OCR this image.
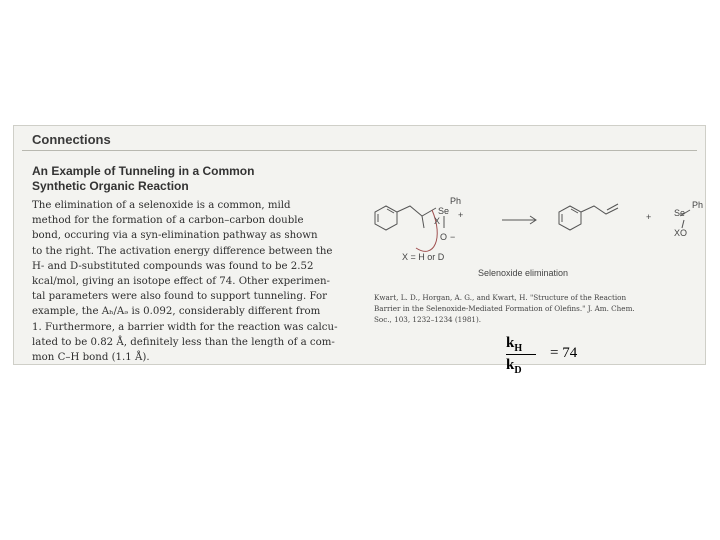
Connections
An Example of Tunneling in a Common
Synthetic Organic Reaction
The elimination of a selenoxide is a common, mild
method for the formation of a carbon–carbon double
bond, occuring via a syn-elimination pathway as shown
to the right. The activation energy difference between the
H- and D-substituted compounds was found to be 2.52
kcal/mol, giving an isotope effect of 74. Other experimen-
tal parameters were also found to support tunneling. For
example, the Aₕ/Aₔ is 0.092, considerably different from
1. Furthermore, a barrier width for the reaction was calcu-
lated to be 0.82 Å, definitely less than the length of a com-
mon C–H bond (1.1 Å).
X
Se
Ph
+
O −
X = H or D
+	Se
Ph
XO
Selenoxide elimination
Kwart, L. D., Horgan, A. G., and Kwart, H. "Structure of the Reaction
Barrier in the Selenoxide-Mediated Formation of Olefins." J. Am. Chem.
Soc., 103, 1232–1234 (1981).
$k_H$
$k_D$
= 74
